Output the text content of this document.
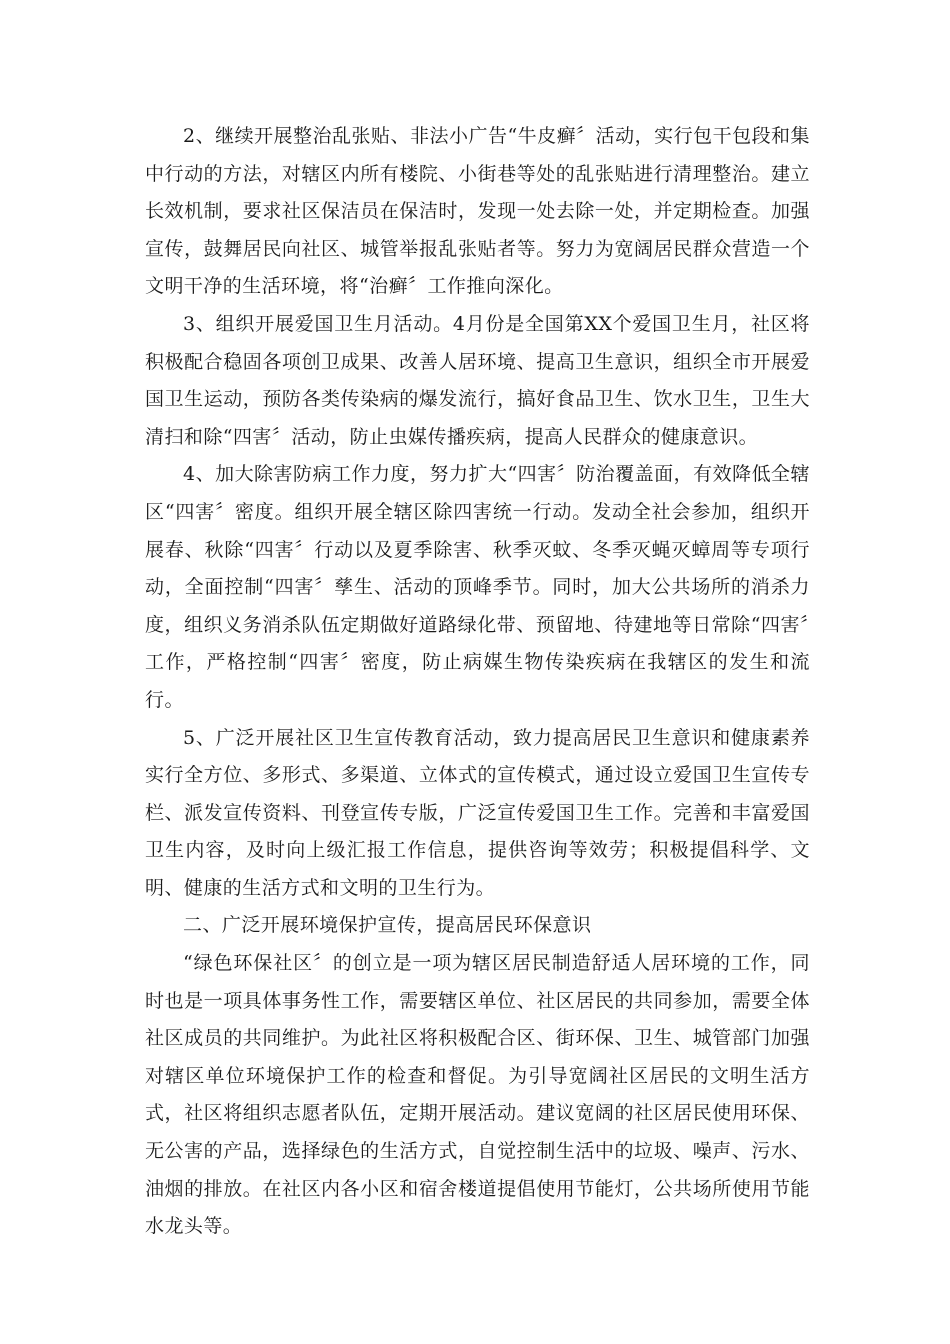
2、继续开展整治乱张贴、非法小广告“牛皮癣〞活动，实行包干包段和集中行动的方法，对辖区内所有楼院、小街巷等处的乱张贴进行清理整治。建立长效机制，要求社区保洁员在保洁时，发现一处去除一处，并定期检查。加强宣传，鼓舞居民向社区、城管举报乱张贴者等。努力为宽阔居民群众营造一个文明干净的生活环境，将“治癣〞工作推向深化。

3、组织开展爱国卫生月活动。4月份是全国第XX个爱国卫生月，社区将积极配合稳固各项创卫成果、改善人居环境、提高卫生意识，组织全市开展爱国卫生运动，预防各类传染病的爆发流行，搞好食品卫生、饮水卫生，卫生大清扫和除“四害〞活动，防止虫媒传播疾病，提高人民群众的健康意识。

4、加大除害防病工作力度，努力扩大“四害〞防治覆盖面，有效降低全辖区“四害〞密度。组织开展全辖区除四害统一行动。发动全社会参加，组织开展春、秋除“四害〞行动以及夏季除害、秋季灭蚊、冬季灭蝇灭蟑周等专项行动，全面控制“四害〞孳生、活动的顶峰季节。同时，加大公共场所的消杀力度，组织义务消杀队伍定期做好道路绿化带、预留地、待建地等日常除“四害〞工作，严格控制“四害〞密度，防止病媒生物传染疾病在我辖区的发生和流行。

5、广泛开展社区卫生宣传教育活动，致力提高居民卫生意识和健康素养实行全方位、多形式、多渠道、立体式的宣传模式，通过设立爱国卫生宣传专栏、派发宣传资料、刊登宣传专版，广泛宣传爱国卫生工作。完善和丰富爱国卫生内容，及时向上级汇报工作信息，提供咨询等效劳；积极提倡科学、文明、健康的生活方式和文明的卫生行为。

二、广泛开展环境保护宣传，提高居民环保意识

“绿色环保社区〞的创立是一项为辖区居民制造舒适人居环境的工作，同时也是一项具体事务性工作，需要辖区单位、社区居民的共同参加，需要全体社区成员的共同维护。为此社区将积极配合区、街环保、卫生、城管部门加强对辖区单位环境保护工作的检查和督促。为引导宽阔社区居民的文明生活方式，社区将组织志愿者队伍，定期开展活动。建议宽阔的社区居民使用环保、无公害的产品，选择绿色的生活方式，自觉控制生活中的垃圾、噪声、污水、油烟的排放。在社区内各小区和宿舍楼道提倡使用节能灯，公共场所使用节能水龙头等。
